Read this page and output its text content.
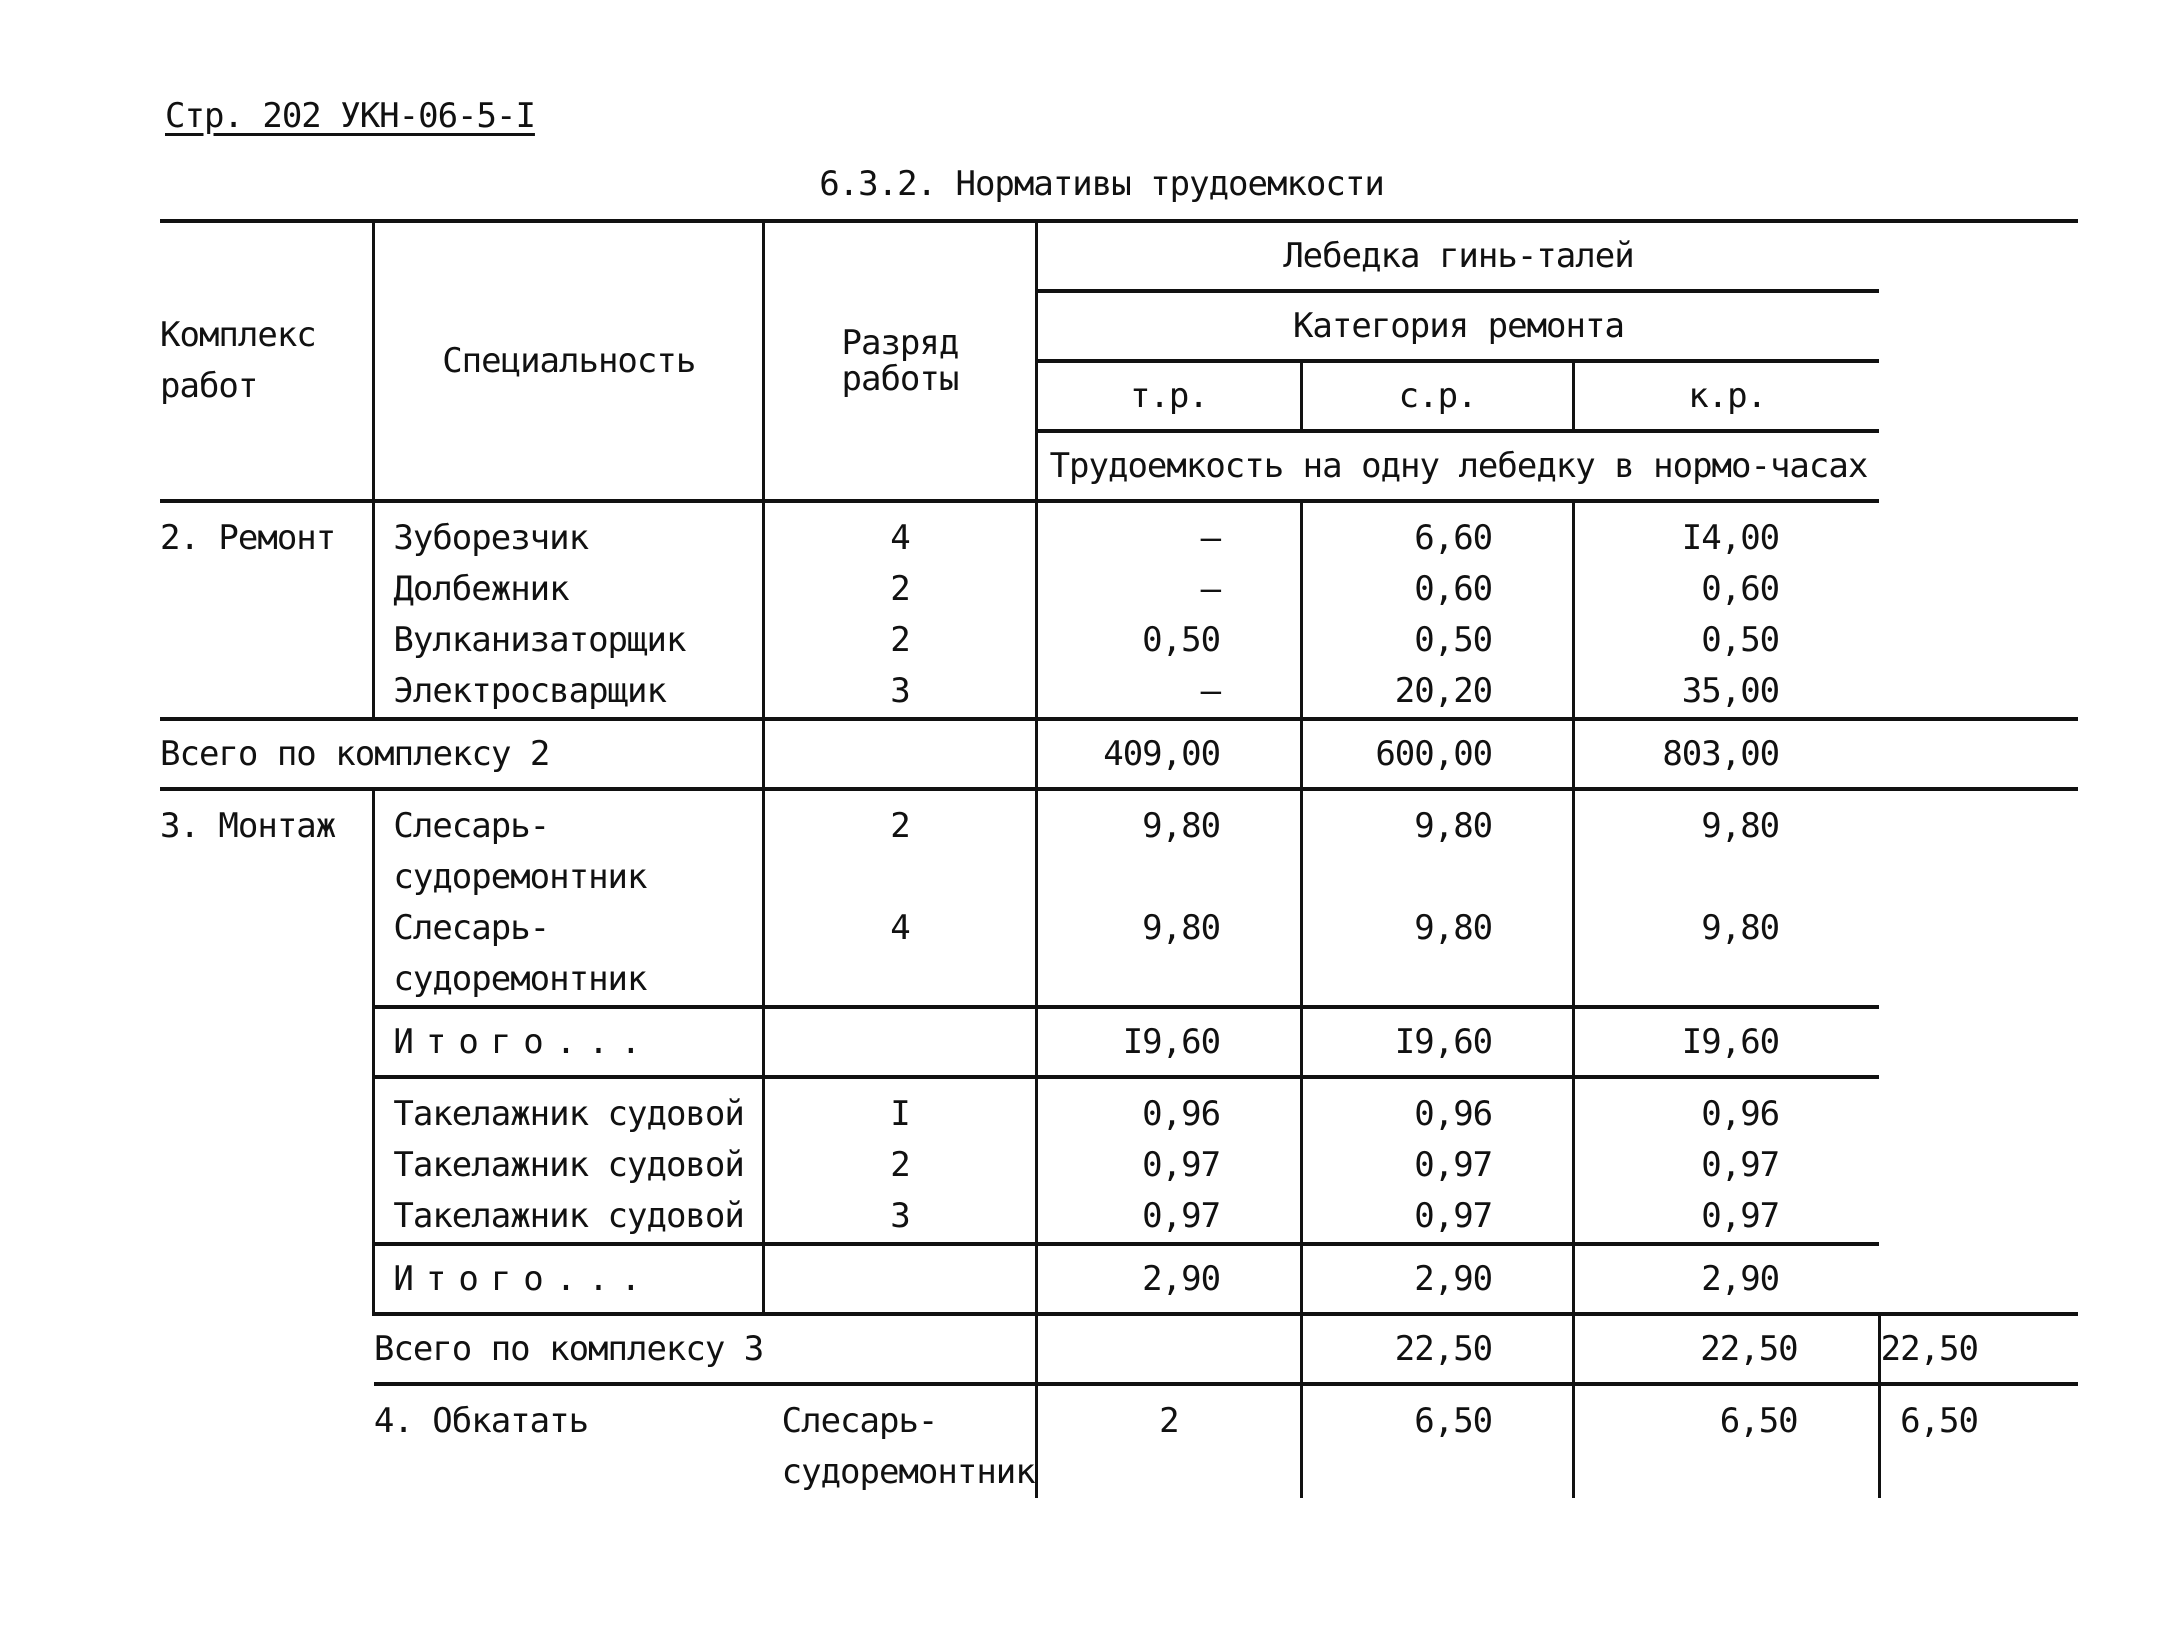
Стр. 202 УКН-06-5-I
6.3.2. Нормативы трудоемкости
Комплекс работ	Специальность	Разряд работы	Лебедка гинь-талей			
			Категория ремонта			
			т.р.	с.р.	к.р.	
			Трудоемкость на одну лебедку в нормо-часах			
2. Ремонт	Зуборезчик	4	–	6,60	I4,00	
	Долбежник	2	–	0,60	0,60	
	Вулканизаторщик	2	0,50	0,50	0,50	
	Электросварщик	3	–	20,20	35,00	
Всего по комплексу 2			409,00	600,00	803,00	
3. Монтаж	Слесарь-судоремонтник	2	9,80	9,80	9,80	
	Слесарь-судоремонтник	4	9,80	9,80	9,80	
	Итого...		I9,60	I9,60	I9,60	
	Такелажник судовой	I	0,96	0,96	0,96	
	Такелажник судовой	2	0,97	0,97	0,97	
	Такелажник судовой	3	0,97	0,97	0,97	
	Итого...		2,90	2,90	2,90	
	Всего по комплексу 3			22,50	22,50	22,50
	4. Обкатать	Слесарь-судоремонтник	2	6,50	6,50	6,50
